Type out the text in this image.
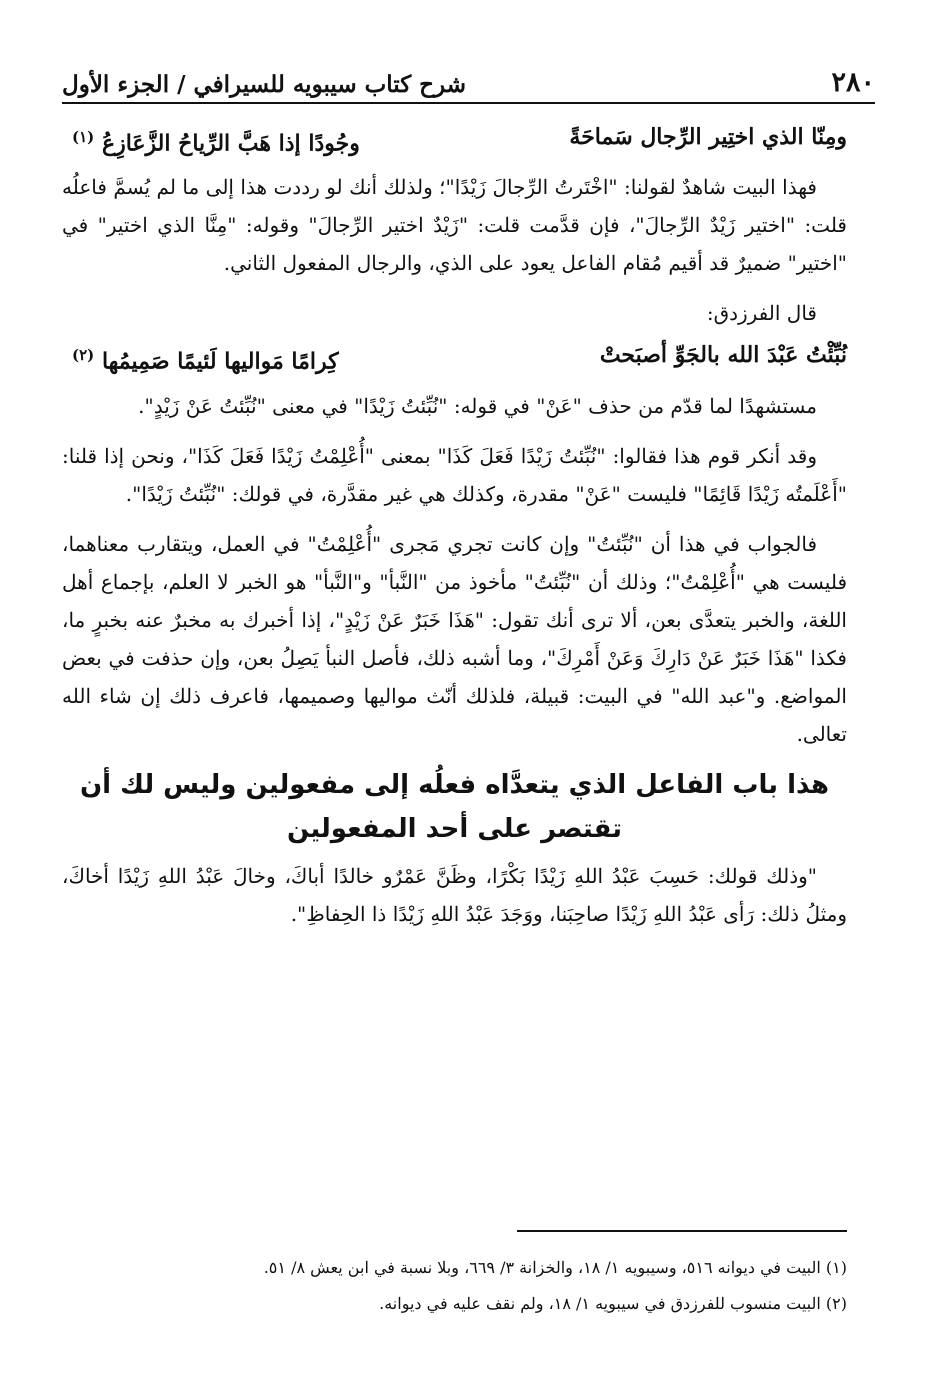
٢٨٠
شرح كتاب سيبويه للسيرافي / الجزء الأول
ومِنّا الذي اختِير الرِّجال سَماحَةً
وجُودًا إذا هَبَّ الرِّياحُ الزَّعَازِعُ $^{(١)}$

فهذا البيت شاهدٌ لقولنا: "اخْتَرتُ الرِّجالَ زَيْدًا"؛ ولذلك أنك لو رددت هذا إلى ما لم يُسمَّ فاعلُه قلت: "اختير زَيْدٌ الرِّجالَ"، فإن قدَّمت قلت: "زَيْدٌ اختير الرِّجالَ" وقوله: "مِنَّا الذي اختير" في "اختير" ضميرٌ قد أقيم مُقام الفاعل يعود على الذي، والرجال المفعول الثاني.

قال الفرزدق:

نُبِّئْتُ عَبْدَ الله بالجَوِّ أصبَحتْ
كِرامًا مَواليها لَئيمًا صَمِيمُها $^{(٢)}$

مستشهدًا لما قدّم من حذف "عَنْ" في قوله: "نُبِّئتُ زَيْدًا" في معنى "نُبِّئتُ عَنْ زَيْدٍ".

وقد أنكر قوم هذا فقالوا: "نُبِّئتُ زَيْدًا فَعَلَ كَذَا" بمعنى "أُعْلِمْتُ زَيْدًا فَعَلَ كَذَا"، ونحن إذا قلنا: "أَعْلَمتُه زَيْدًا قَائِمًا" فليست "عَنْ" مقدرة، وكذلك هي غير مقدَّرة، في قولك: "نُبِّئتُ زَيْدًا".

فالجواب في هذا أن "نُبِّئتُ" وإن كانت تجري مَجرى "أُعْلِمْتُ" في العمل، ويتقارب معناهما، فليست هي "أُعْلِمْتُ"؛ وذلك أن "نُبِّئتُ" مأخوذ من "النَّبأ" و"النَّبأ" هو الخبر لا العلم، بإجماع أهل اللغة، والخبر يتعدَّى بعن، ألا ترى أنك تقول: "هَذَا خَبَرٌ عَنْ زَيْدٍ"، إذا أخبرك به مخبرٌ عنه بخبرٍ ما، فكذا "هَذَا خَبَرٌ عَنْ دَارِكَ وَعَنْ أَمْرِكَ"، وما أشبه ذلك، فأصل النبأ يَصِلُ بعن، وإن حذفت في بعض المواضع. و"عبد الله" في البيت: قبيلة، فلذلك أنّث مواليها وصميمها، فاعرف ذلك إن شاء الله تعالى.

هذا باب الفاعل الذي يتعدَّاه فعلُه إلى مفعولين وليس لك أن
تقتصر على أحد المفعولين

"وذلك قولك: حَسِبَ عَبْدُ اللهِ زَيْدًا بَكْرًا، وظَنَّ عَمْرٌو خالدًا أباكَ، وخالَ عَبْدُ اللهِ زَيْدًا أخاكَ، ومثلُ ذلك: رَأى عَبْدُ اللهِ زَيْدًا صاحِبَنا، ووَجَدَ عَبْدُ اللهِ زَيْدًا ذا الحِفاظِ".

(١) البيت في ديوانه ٥١٦، وسيبويه ١/ ١٨، والخزانة ٣/ ٦٦٩، وبلا نسبة في ابن يعش ٨/ ٥١.
(٢) البيت منسوب للفرزدق في سيبويه ١/ ١٨، ولم نقف عليه في ديوانه.
